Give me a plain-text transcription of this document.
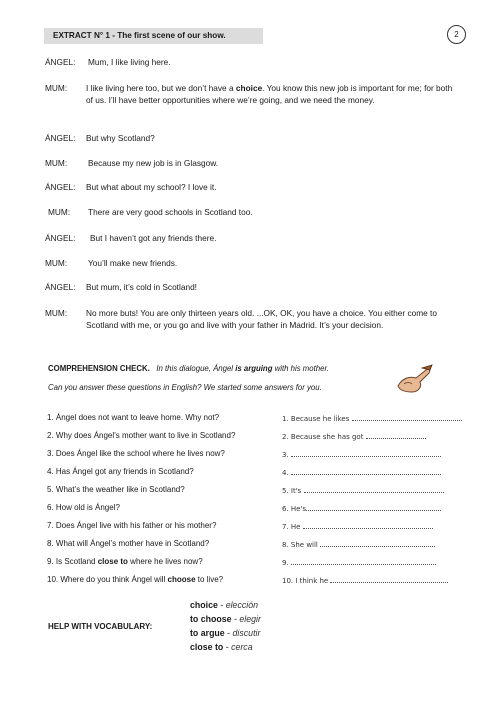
EXTRACT N° 1 - The first scene of our show.	2
ÁNGEL: Mum, I like living here.
MUM: I like living here too, but we don’t have a choice. You know this new job is important for me; for both of us. I’ll have better opportunities where we’re going, and we need the money.
ÁNGEL: But why Scotland?
MUM:	Because my new job is in Glasgow.
ÁNGEL: But what about my school? I love it.
MUM: There are very good schools in Scotland too.
ÁNGEL: But I haven’t got any friends there.
MUM:	You’ll make new friends.
ÁNGEL: But mum, it’s cold in Scotland!
MUM: No more buts! You are only thirteen years old. ...OK, OK, you have a choice. You either come to Scotland with me, or you go and live with your father in Madrid. It’s your decision.
COMPREHENSION CHECK. In this dialogue, Ángel is arguing with his mother.
Can you answer these questions in English? We started some answers for you.
1. Ángel does not want to leave home. Why not?	1. Because he likes
2. Why does Ángel’s mother want to live in Scotland?	2. Because she has got
3. Does Ángel like the school where he lives now?	3.
4. Has Ángel got any friends in Scotland?	4.
5. What’s the weather like in Scotland?	5. It's
6. How old is Ángel?	6. He's
7. Does Ángel live with his father or his mother?	7. He
8. What will Ángel’s mother have in Scotland?	8. She will
9. Is Scotland close to where he lives now?	9.
10. Where do you think Ángel will choose to live?	10. I think he
HELP WITH VOCABULARY:
choice - elección
to choose - elegir
to argue - discutir
close to - cerca
